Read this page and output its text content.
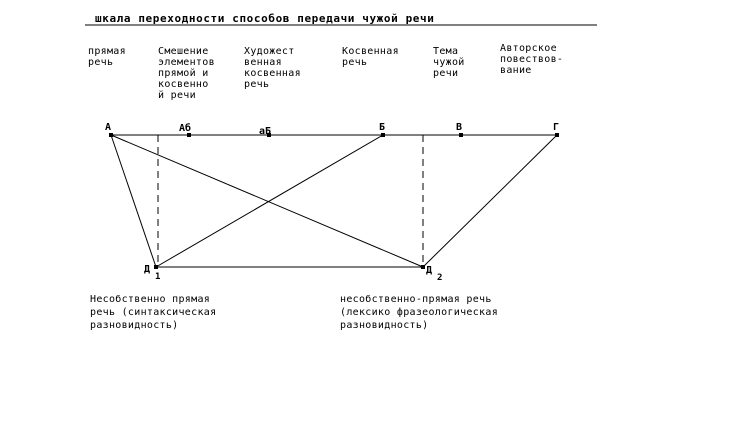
шкала переходности способов передачи чужой речи
прямая речь
Смешение элементов прямой и косвенно й речи
Художест венная косвенная речь
Косвенная речь
Тема чужой речи
Авторское повествов- вание
А	Аб	аБ	Б	В	Г
Д
1
Д
2
Несобственно прямая речь (синтаксическая разновидность)
несобственно-прямая речь (лексико фразеологическая разновидность)
